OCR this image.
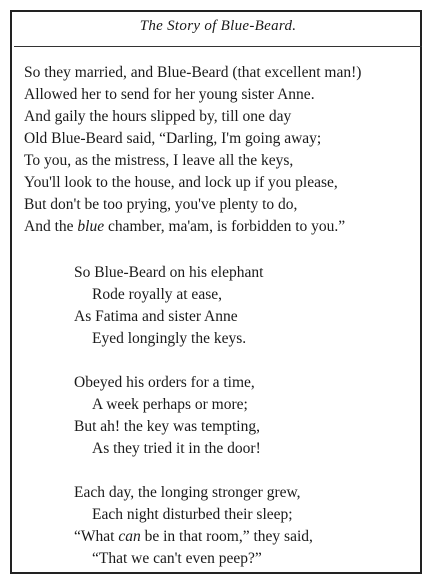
The Story of Blue-Beard.
So they married, and Blue-Beard (that excellent man!)
Allowed her to send for her young sister Anne.
And gaily the hours slipped by, till one day
Old Blue-Beard said, “Darling, I'm going away;
To you, as the mistress, I leave all the keys,
You'll look to the house, and lock up if you please,
But don't be too prying, you've plenty to do,
And the blue chamber, ma'am, is forbidden to you.”
So Blue-Beard on his elephant
Rode royally at ease,
As Fatima and sister Anne
Eyed longingly the keys.
Obeyed his orders for a time,
A week perhaps or more;
But ah! the key was tempting,
As they tried it in the door!
Each day, the longing stronger grew,
Each night disturbed their sleep;
“What can be in that room,” they said,
“That we can't even peep?”
